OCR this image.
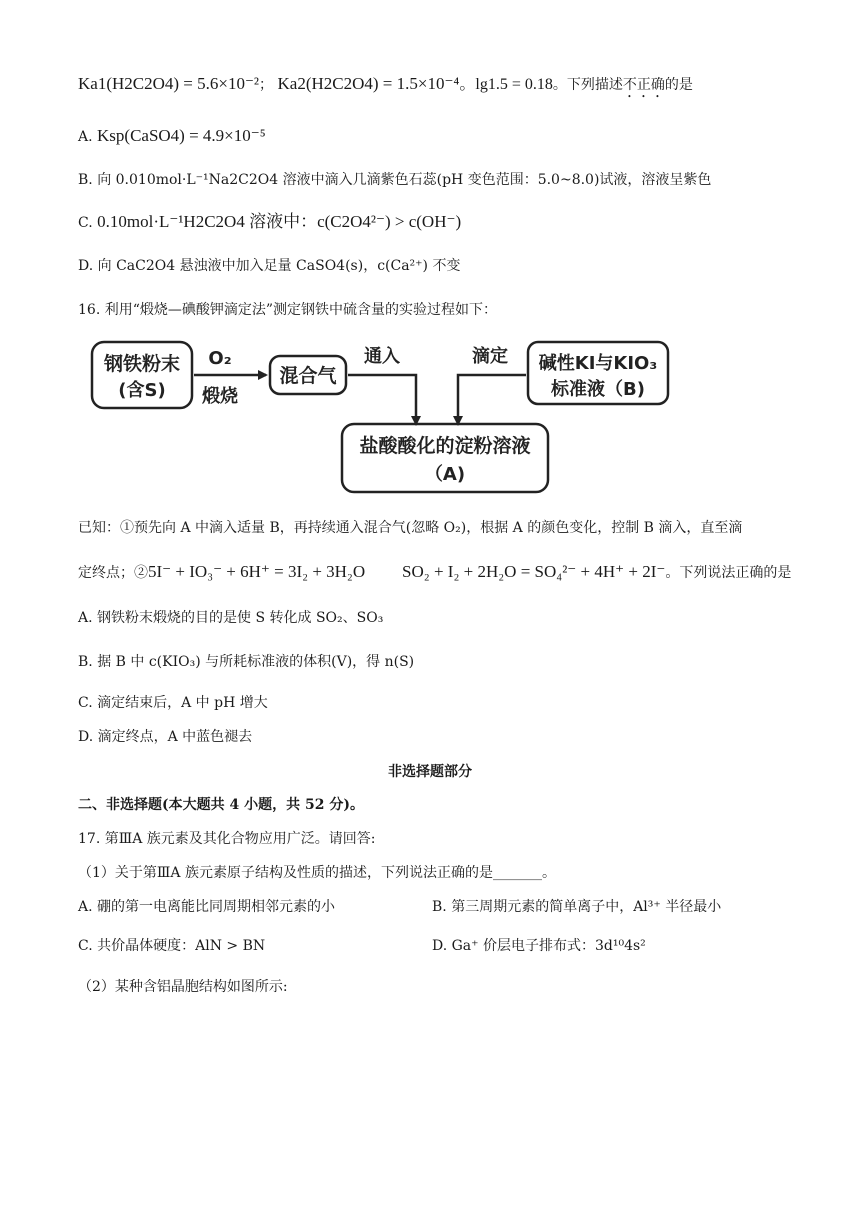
Ka1(H2C2O4) = 5.6×10⁻²； Ka2(H2C2O4) = 1.5×10⁻⁴。lg1.5 = 0.18。下列描述不正确的是
A. Ksp(CaSO4) = 4.9×10⁻⁵
B. 向 0.010mol·L⁻¹Na2C2O4 溶液中滴入几滴紫色石蕊(pH 变色范围：5.0~8.0)试液，溶液呈紫色
C. 0.10mol·L⁻¹H2C2O4 溶液中：c(C2O4²⁻) > c(OH⁻)
D. 向 CaC2O4 悬浊液中加入足量 CaSO4(s)，c(Ca²⁺) 不变
16. 利用“煅烧—碘酸钾滴定法”测定钢铁中硫含量的实验过程如下：
钢铁粉末
(含S)
O₂
煅烧
混合气
通入	碱性KI与KIO₃
标准液（B)
滴定
盐酸酸化的淀粉溶液
（A)
已知：①预先向 A 中滴入适量 B，再持续通入混合气(忽略 O₂)，根据 A 的颜色变化，控制 B 滴入，直至滴
定终点；②5I⁻ + IO₃⁻ + 6H⁺ = 3I₂ + 3H₂O SO₂ + I₂ + 2H₂O = SO₄²⁻ + 4H⁺ + 2I⁻。下列说法正确的是
A. 钢铁粉末煅烧的目的是使 S 转化成 SO₂、SO₃
B. 据 B 中 c(KIO₃) 与所耗标准液的体积(V)，得 n(S)
C. 滴定结束后，A 中 pH 增大
D. 滴定终点，A 中蓝色褪去
非选择题部分
二、非选择题(本大题共 4 小题，共 52 分)。
17. 第ⅢA 族元素及其化合物应用广泛。请回答:
（1）关于第ⅢA 族元素原子结构及性质的描述，下列说法正确的是_______。
A. 硼的第一电离能比同周期相邻元素的小	B. 第三周期元素的简单离子中，Al³⁺ 半径最小
C. 共价晶体硬度：AlN > BN	D. Ga⁺ 价层电子排布式：3d¹⁰4s²
（2）某种含铝晶胞结构如图所示:
